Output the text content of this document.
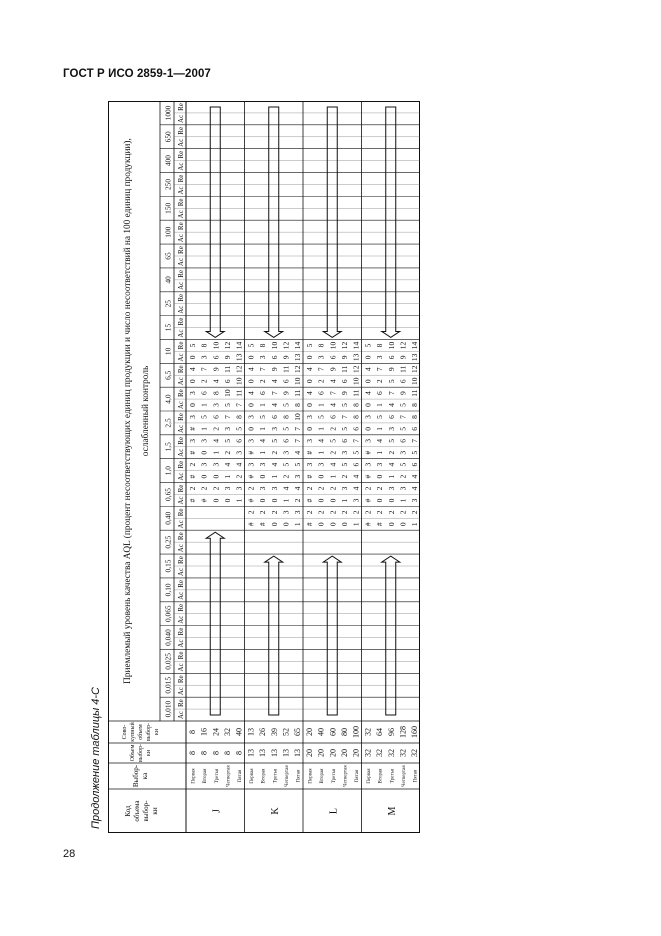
ГОСТ Р ИСО 2859-1—2007
Продолжение таблицы 4-С	Код объема выбор- ки
Выбор- ка
Объем выбор- ки
Сово- купный объем выбор- ки
Приемлемый уровень качества AQL (процент несоответствующих единиц продукции и число несоответствий на 100 единиц продукции), ослабленный контроль
0,010
0,015
0,025
0,040
0,065
0,10
0,15
0,25
0,40
0,65
1,0
1,5
2,5
4,0
6,5
10
15
25
40
65
100
150
250
400
650
1000
Ac
Re
Ac
Re
Ac
Re
Ac
Re
Ac
Re
Ac
Re
Ac
Re
Ac
Re
Ac
Re
Ac
Re
Ac
Re
Ac
Re
Ac
Re
Ac
Re
Ac
Re
Ac
Re
Ac
Re
Ac
Re
Ac
Re
Ac
Re
Ac
Re
Ac
Re
Ac
Re
Ac
Re
Ac
Re
Ac
Re
J
Первая
8
8
#
2
#
2
#
3
#
3
0
3
0
4
0
5
Вторая
8
16
#
2
0
3
0
3
1
5
1
6
2
7
3
8
Третья
8
24
0
2
0
3
1
4
2
6
3
8
4
9
6
10
Четвертая
8
32
0
3
1
4
2
5
3
7
5
10
6
11
9
12
Пятая
8
40
1
3
2
4
3
6
5
8
7
11
10
12
13
14
K
Первая
13
13
#
2
#
2
#
3
#
3
0
3
0
4
0
4
0
5
Вторая
13
26
#
2
0
3
0
3
1
4
1
5
1
6
2
7
3
8
Третья
13
39
0
2
0
3
1
4
2
5
3
6
4
7
4
9
6
10
Четвертая
13
52
0
3
1
4
2
5
3
6
5
8
5
9
6
11
9
12
Пятая
13
65
1
3
2
4
3
5
4
7
7
10
8
11
10
12
13
14
L
Первая
20
20
#
2
#
2
#
3
#
3
0
3
0
4
0
4
0
5
Вторая
20
40
0
2
0
2
0
3
1
4
1
5
1
6
2
7
3
8
Третья
20
60
0
2
0
2
1
4
2
5
2
6
4
7
4
9
6
10
Четвертая
20
80
0
2
1
3
2
5
3
6
5
7
5
9
6
11
9
12
Пятая
20
100
1
2
3
4
4
6
5
7
6
8
8
11
10
12
13
14
M
Первая
32
32
#
2
#
2
#
3
#
3
0
3
0
4
0
4
0
5
Вторая
32
64
#
2
0
2
0
3
1
4
1
5
1
6
2
7
3
8
Третья
32
96
0
2
0
3
1
4
2
5
3
6
4
7
5
9
6
10
Четвертая
32
128
0
2
1
3
2
5
3
6
5
7
5
9
6
11
9
12
Пятая
32
160
1
2
3
4
4
6
5
7
6
8
8
11
10
12
13
14
28
